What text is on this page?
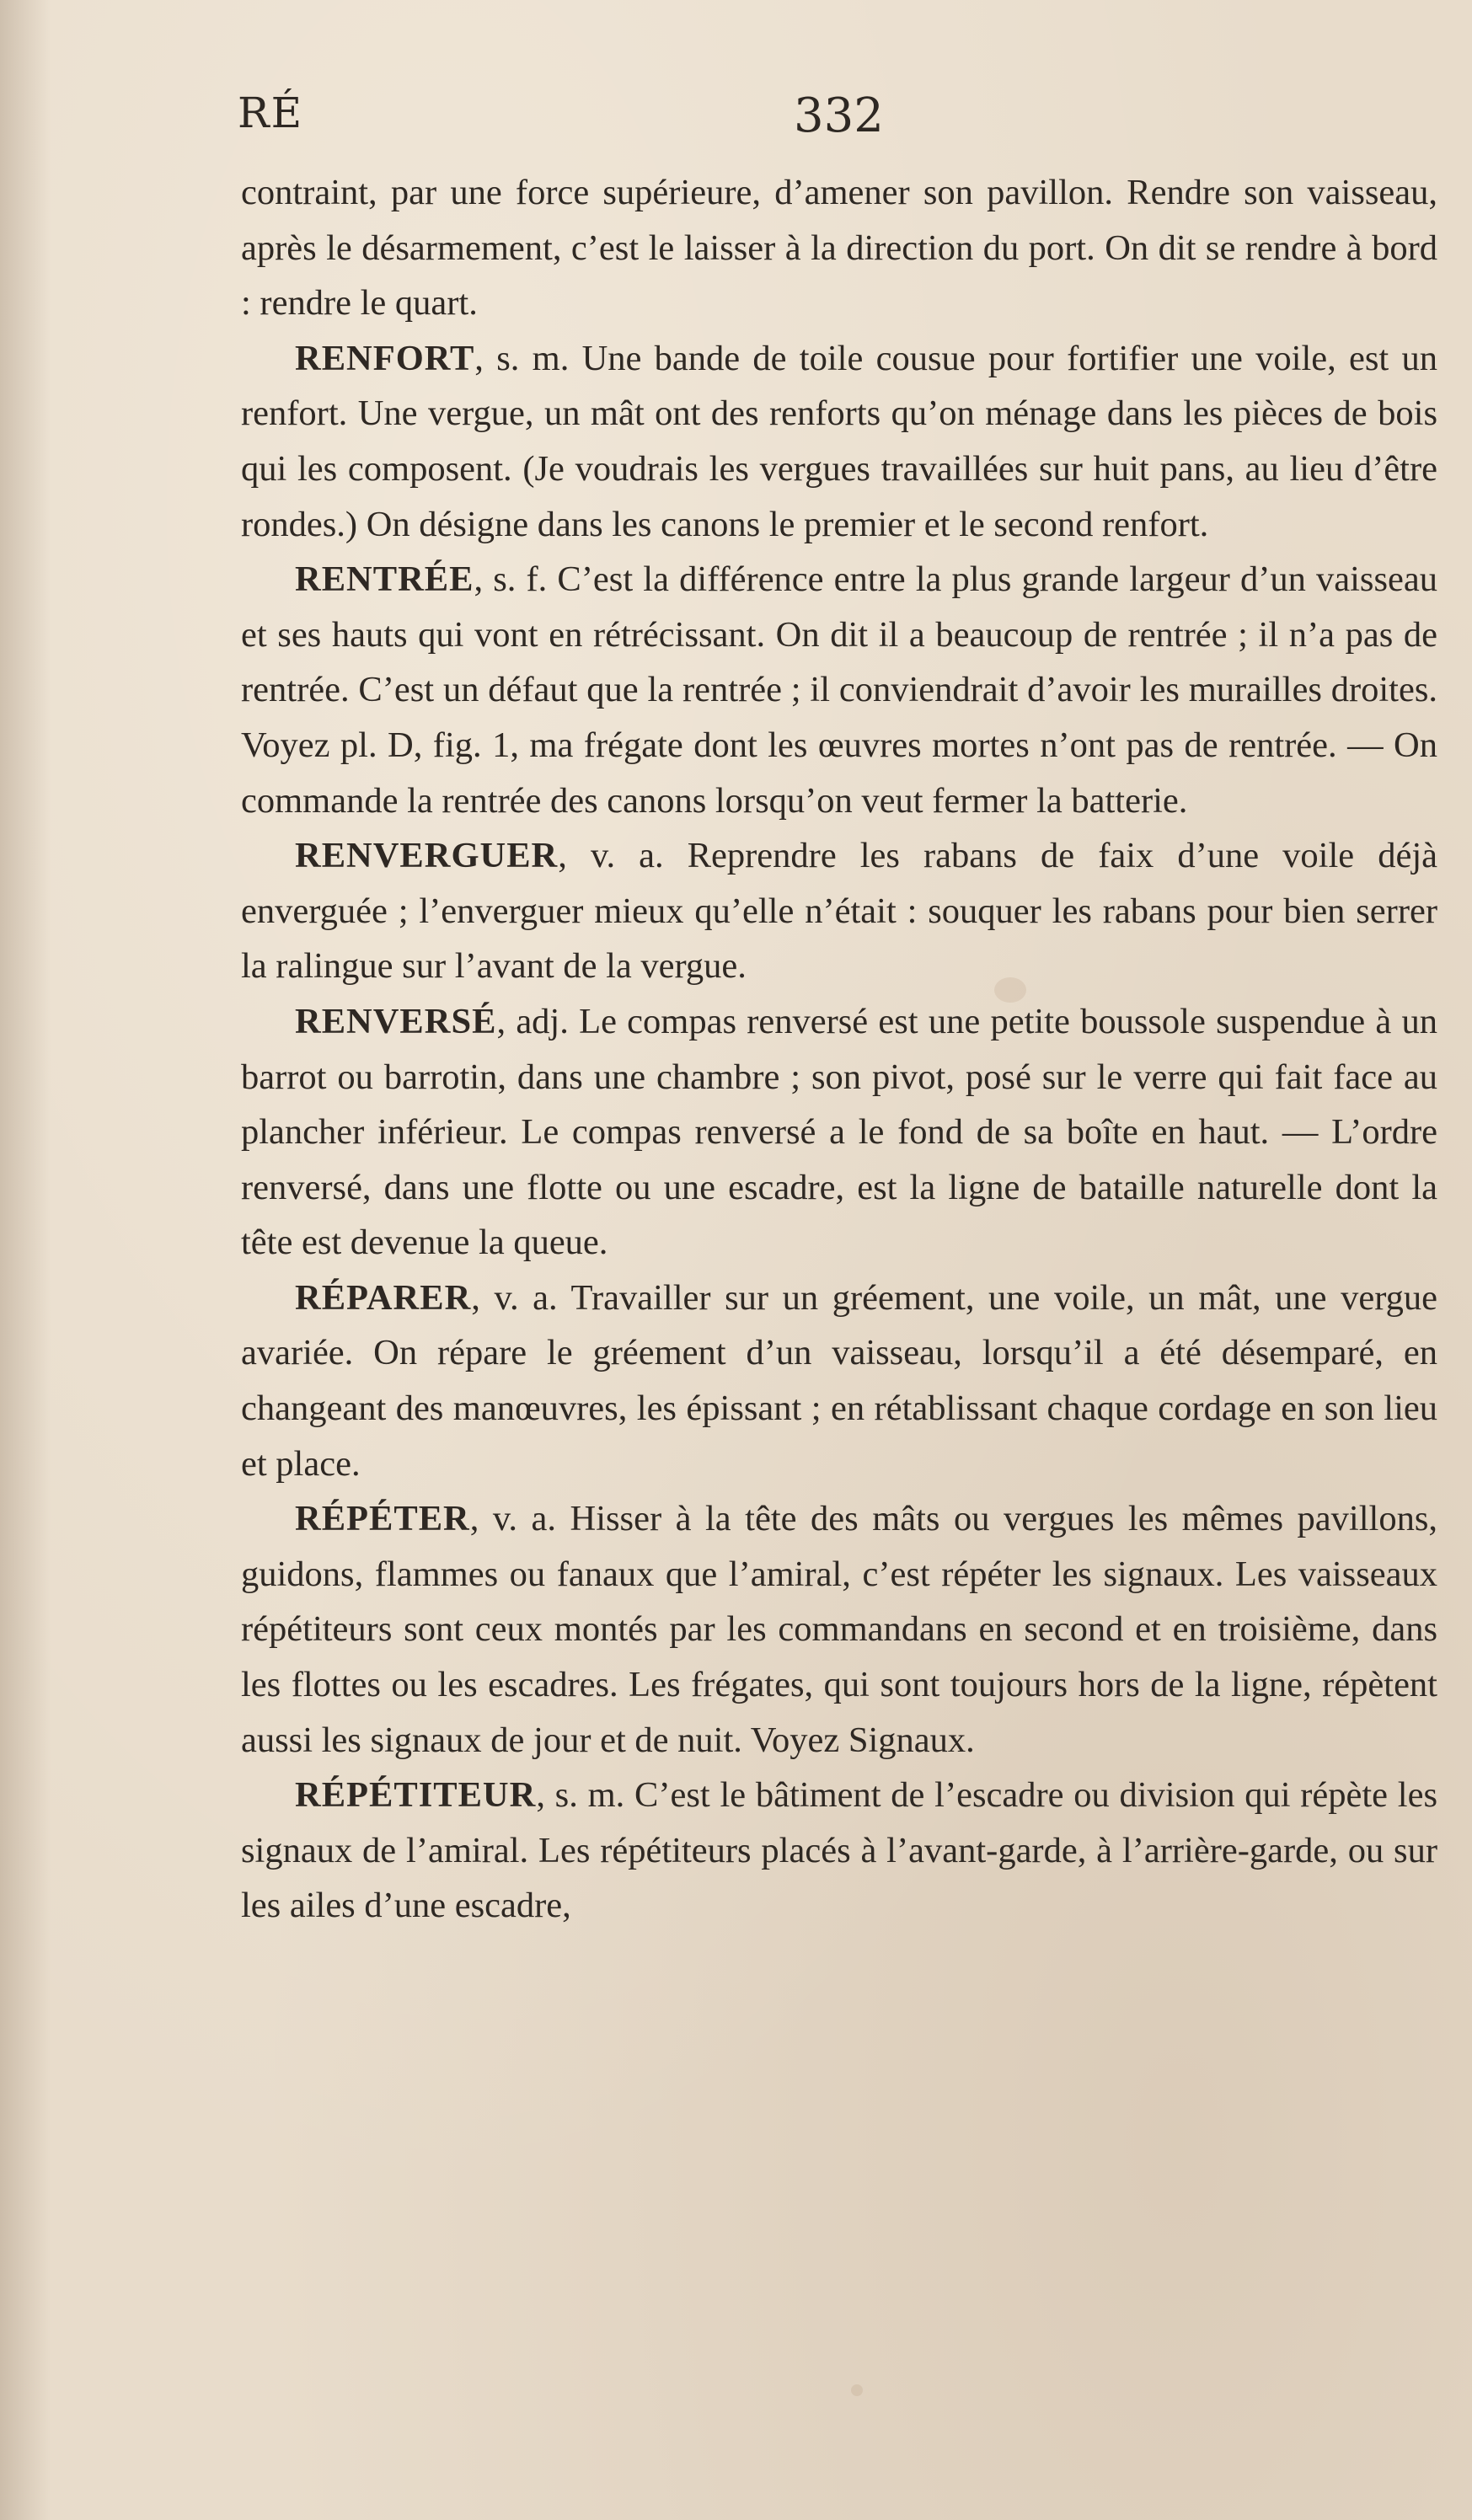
RÉ	332

contraint, par une force supérieure, d’amener son pavillon. Rendre son vaisseau, après le désarmement, c’est le laisser à la direction du port. On dit se rendre à bord : rendre le quart.

RENFORT, s. m. Une bande de toile cousue pour fortifier une voile, est un renfort. Une vergue, un mât ont des renforts qu’on ménage dans les pièces de bois qui les composent. (Je voudrais les vergues travaillées sur huit pans, au lieu d’être rondes.) On désigne dans les canons le premier et le second renfort.

RENTRÉE, s. f. C’est la différence entre la plus grande largeur d’un vaisseau et ses hauts qui vont en rétrécissant. On dit il a beaucoup de rentrée ; il n’a pas de rentrée. C’est un défaut que la rentrée ; il conviendrait d’avoir les murailles droites. Voyez pl. D, fig. 1, ma frégate dont les œuvres mortes n’ont pas de rentrée. — On commande la rentrée des canons lorsqu’on veut fermer la batterie.

RENVERGUER, v. a. Reprendre les rabans de faix d’une voile déjà enverguée ; l’enverguer mieux qu’elle n’était : souquer les rabans pour bien serrer la ralingue sur l’avant de la vergue.

RENVERSÉ, adj. Le compas renversé est une petite boussole suspendue à un barrot ou barrotin, dans une chambre ; son pivot, posé sur le verre qui fait face au plancher inférieur. Le compas renversé a le fond de sa boîte en haut. — L’ordre renversé, dans une flotte ou une escadre, est la ligne de bataille naturelle dont la tête est devenue la queue.

RÉPARER, v. a. Travailler sur un gréement, une voile, un mât, une vergue avariée. On répare le gréement d’un vaisseau, lorsqu’il a été désemparé, en changeant des manœuvres, les épissant ; en rétablissant chaque cordage en son lieu et place.

RÉPÉTER, v. a. Hisser à la tête des mâts ou vergues les mêmes pavillons, guidons, flammes ou fanaux que l’amiral, c’est répéter les signaux. Les vaisseaux répétiteurs sont ceux montés par les commandans en second et en troisième, dans les flottes ou les escadres. Les frégates, qui sont toujours hors de la ligne, répètent aussi les signaux de jour et de nuit. Voyez Signaux.

RÉPÉTITEUR, s. m. C’est le bâtiment de l’escadre ou division qui répète les signaux de l’amiral. Les répétiteurs placés à l’avant-garde, à l’arrière-garde, ou sur les ailes d’une escadre,
